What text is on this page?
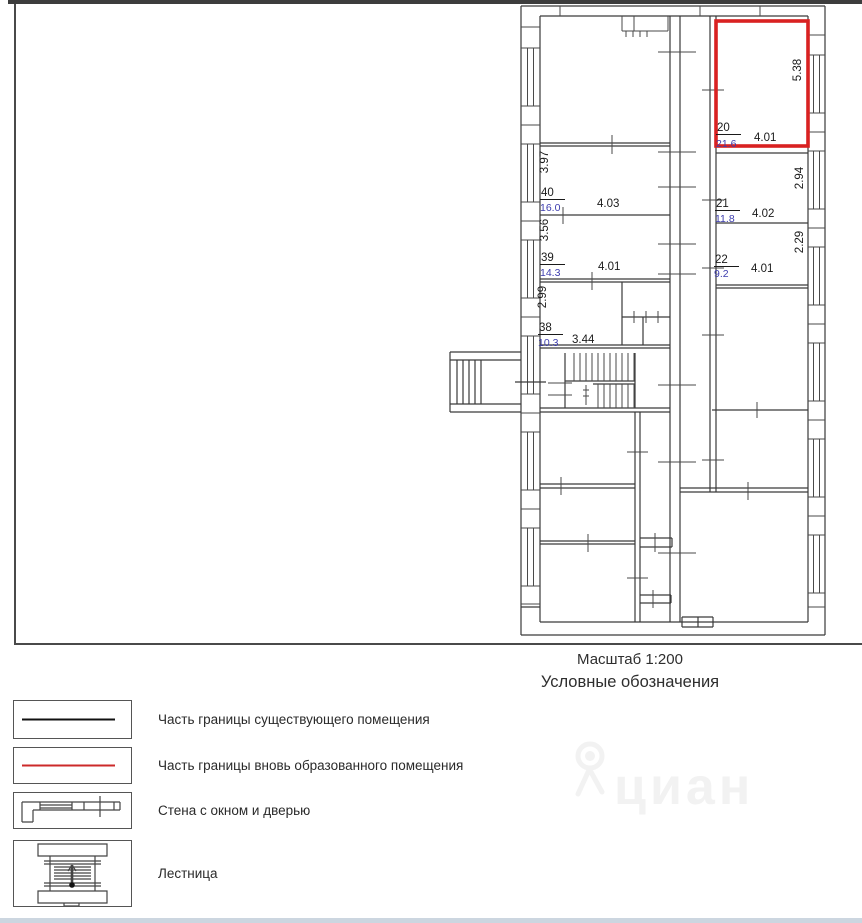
20
21.6 4.01
5.38
21
11.8 4.02
2.94
22
9.2 4.01
2.29
40
16.0	4.03
3.97
39
14.3	4.01
3.56
38
10.3 3.44
2.99
Масштаб 1:200
Условные обозначения
Часть границы существующего помещения
Часть границы вновь образованного помещения
Стена с окном и дверью
Лестница
циан
